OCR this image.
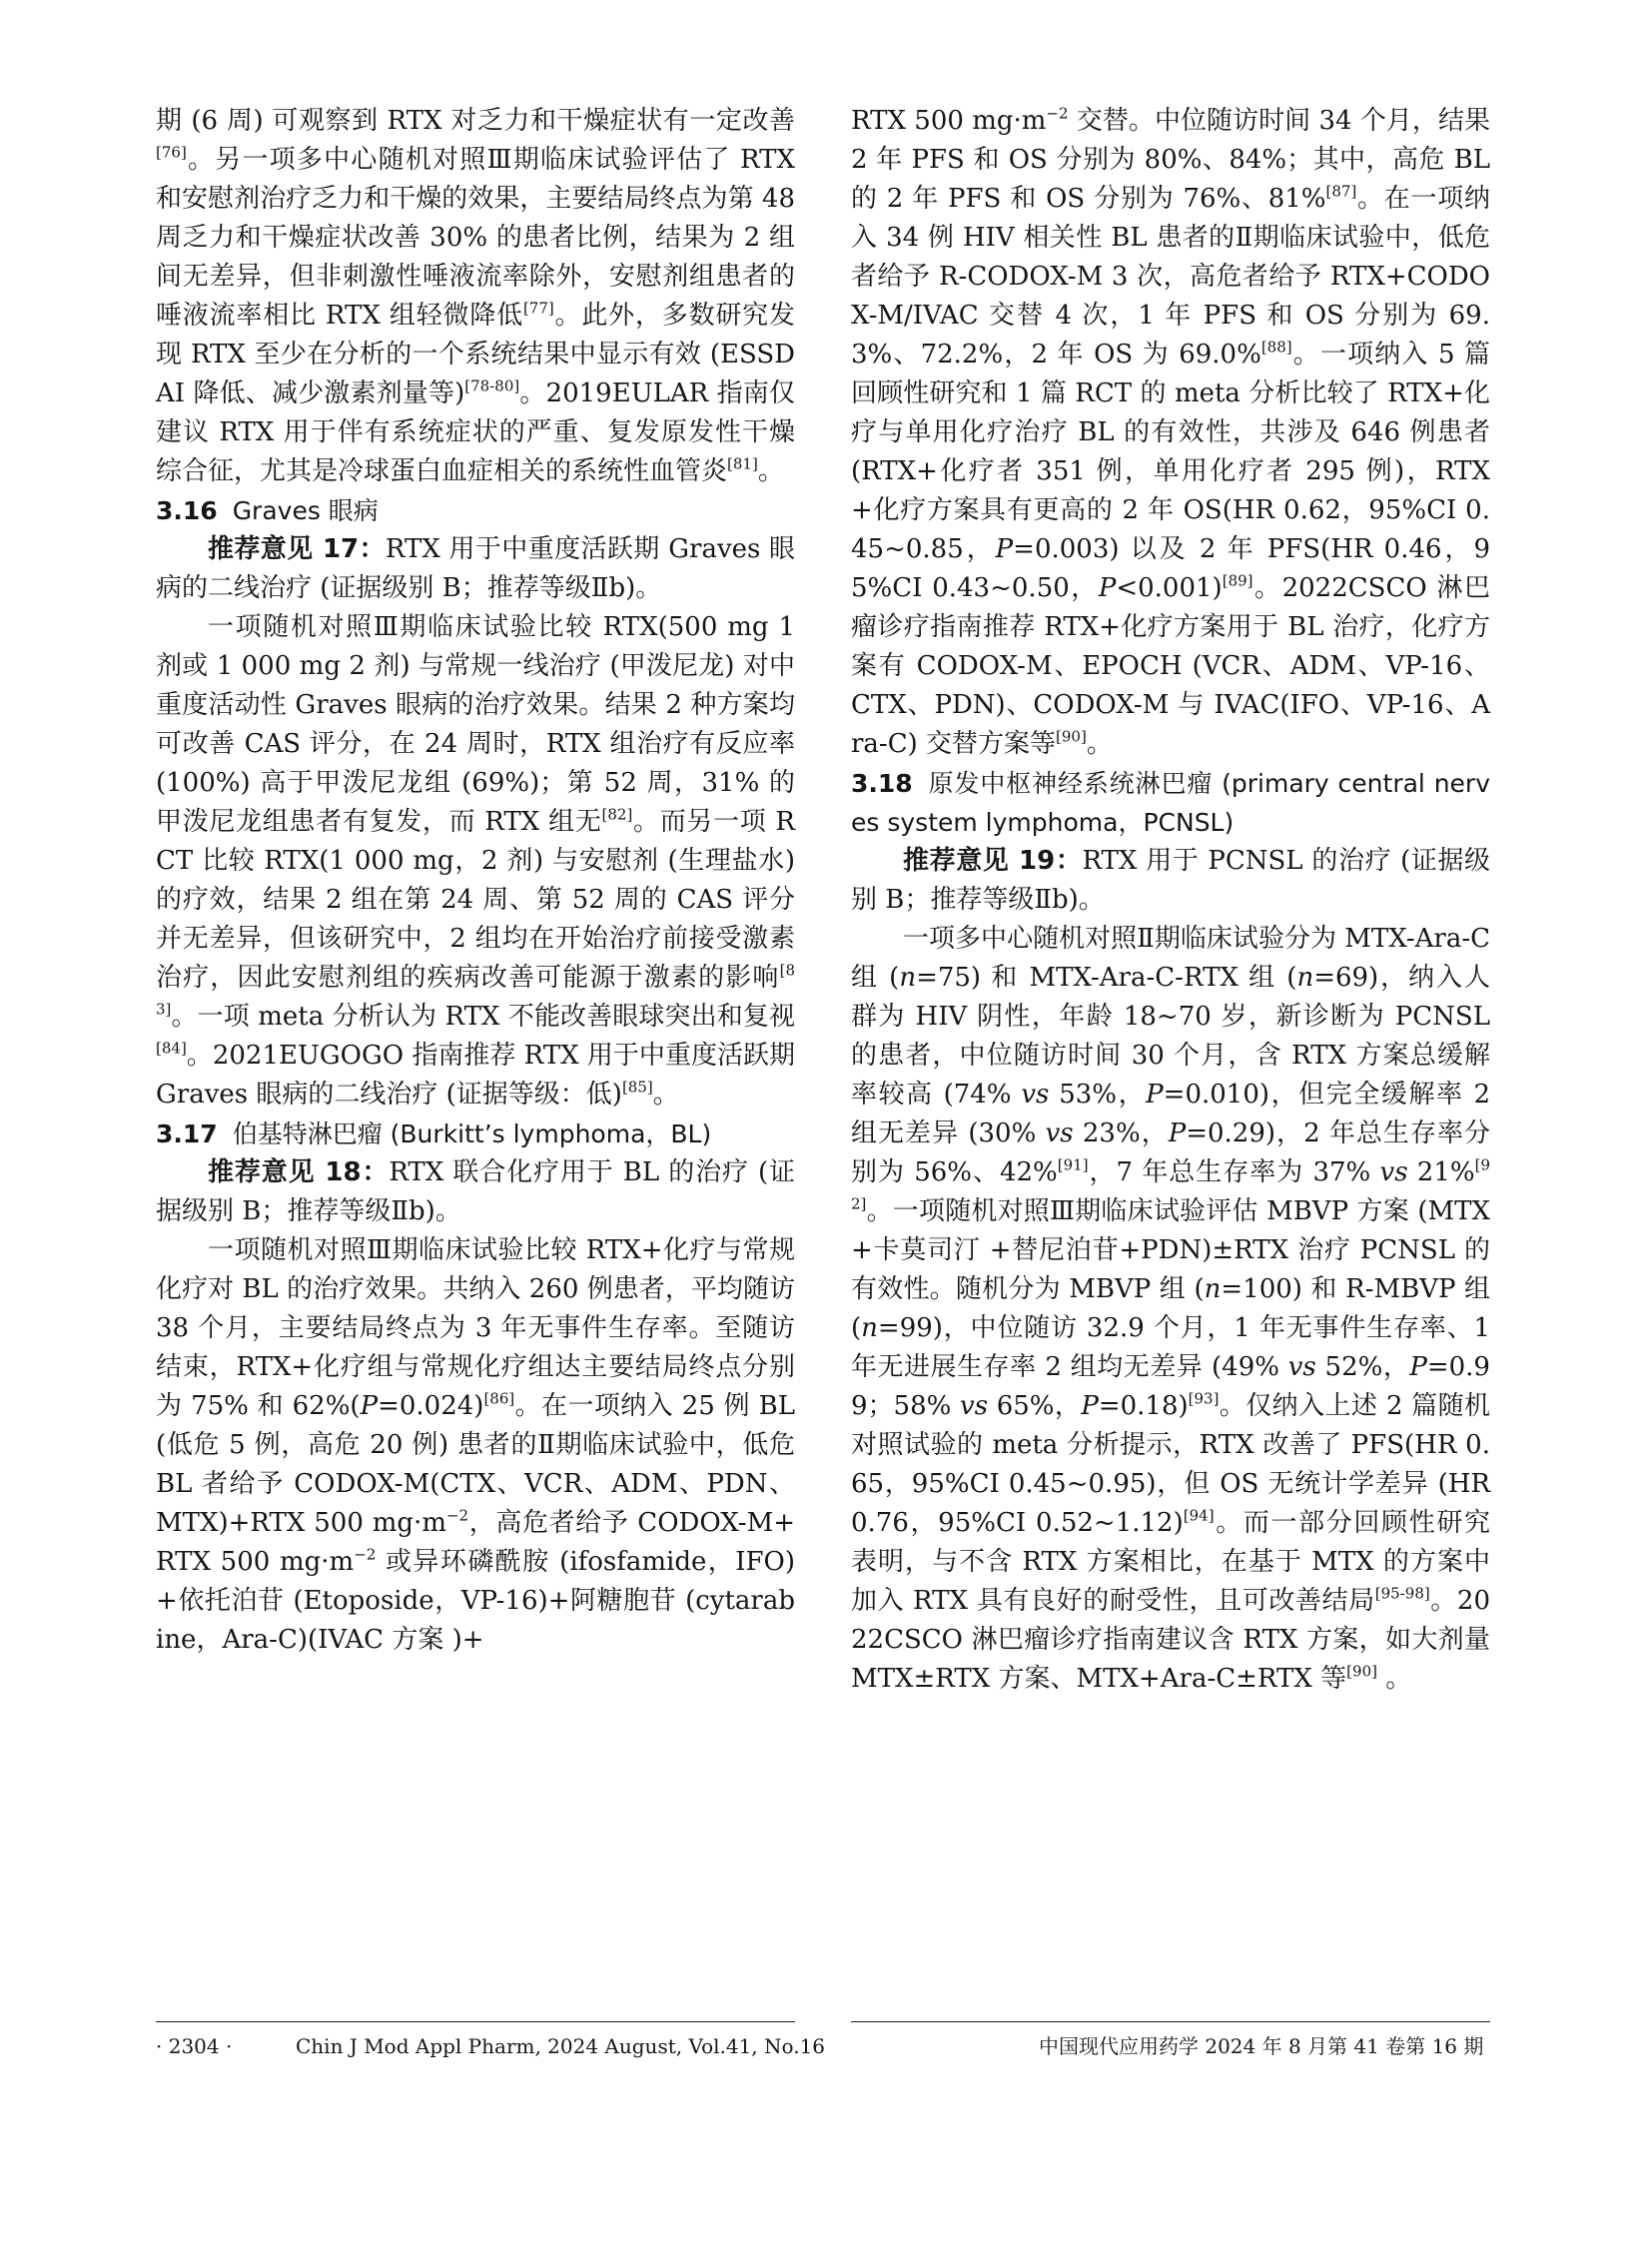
期 (6 周) 可观察到 RTX 对乏力和干燥症状有一定改善[76]。另一项多中心随机对照Ⅲ期临床试验评估了 RTX 和安慰剂治疗乏力和干燥的效果，主要结局终点为第 48 周乏力和干燥症状改善 30% 的患者比例，结果为 2 组间无差异，但非刺激性唾液流率除外，安慰剂组患者的唾液流率相比 RTX 组轻微降低[77]。此外，多数研究发现 RTX 至少在分析的一个系统结果中显示有效 (ESSDAI 降低、减少激素剂量等)[78-80]。2019EULAR 指南仅建议 RTX 用于伴有系统症状的严重、复发原发性干燥综合征，尤其是冷球蛋白血症相关的系统性血管炎[81]。

3.16 Graves 眼病

推荐意见 17：RTX 用于中重度活跃期 Graves 眼病的二线治疗 (证据级别 B；推荐等级Ⅱb)。

一项随机对照Ⅲ期临床试验比较 RTX(500 mg 1 剂或 1 000 mg 2 剂) 与常规一线治疗 (甲泼尼龙) 对中重度活动性 Graves 眼病的治疗效果。结果 2 种方案均可改善 CAS 评分，在 24 周时，RTX 组治疗有反应率 (100%) 高于甲泼尼龙组 (69%)；第 52 周，31% 的甲泼尼龙组患者有复发，而 RTX 组无[82]。而另一项 RCT 比较 RTX(1 000 mg，2 剂) 与安慰剂 (生理盐水) 的疗效，结果 2 组在第 24 周、第 52 周的 CAS 评分并无差异，但该研究中，2 组均在开始治疗前接受激素治疗，因此安慰剂组的疾病改善可能源于激素的影响[83]。一项 meta 分析认为 RTX 不能改善眼球突出和复视[84]。2021EUGOGO 指南推荐 RTX 用于中重度活跃期 Graves 眼病的二线治疗 (证据等级：低)[85]。

3.17 伯基特淋巴瘤 (Burkitt’s lymphoma，BL)

推荐意见 18：RTX 联合化疗用于 BL 的治疗 (证据级别 B；推荐等级Ⅱb)。

一项随机对照Ⅲ期临床试验比较 RTX+化疗与常规化疗对 BL 的治疗效果。共纳入 260 例患者，平均随访 38 个月，主要结局终点为 3 年无事件生存率。至随访结束，RTX+化疗组与常规化疗组达主要结局终点分别为 75% 和 62%(P=0.024)[86]。在一项纳入 25 例 BL(低危 5 例，高危 20 例) 患者的Ⅱ期临床试验中，低危 BL 者给予 CODOX-M(CTX、VCR、ADM、PDN、MTX)+RTX 500 $mg\cdot m^{-2}$，高危者给予 CODOX-M+RTX 500 $mg\cdot m^{-2}$ 或异环磷酰胺 (ifosfamide，IFO)+依托泊苷 (Etoposide，VP-16)+阿糖胞苷 (cytarabine，Ara-C)(IVAC 方案 )+

RTX 500 $mg\cdot m^{-2}$ 交替。中位随访时间 34 个月，结果 2 年 PFS 和 OS 分别为 80%、84%；其中，高危 BL 的 2 年 PFS 和 OS 分别为 76%、81%[87]。在一项纳入 34 例 HIV 相关性 BL 患者的Ⅱ期临床试验中，低危者给予 R-CODOX-M 3 次，高危者给予 RTX+CODOX-M/IVAC 交替 4 次，1 年 PFS 和 OS 分别为 69.3%、72.2%，2 年 OS 为 69.0%[88]。一项纳入 5 篇回顾性研究和 1 篇 RCT 的 meta 分析比较了 RTX+化疗与单用化疗治疗 BL 的有效性，共涉及 646 例患者 (RTX+化疗者 351 例，单用化疗者 295 例)，RTX+化疗方案具有更高的 2 年 OS(HR 0.62，95%CI 0.45~0.85，P=0.003) 以及 2 年 PFS(HR 0.46，95%CI 0.43~0.50，P<0.001)[89]。2022CSCO 淋巴瘤诊疗指南推荐 RTX+化疗方案用于 BL 治疗，化疗方案有 CODOX-M、EPOCH (VCR、ADM、VP-16、CTX、PDN)、CODOX-M 与 IVAC(IFO、VP-16、Ara-C) 交替方案等[90]。

3.18 原发中枢神经系统淋巴瘤 (primary central nerves system lymphoma，PCNSL)

推荐意见 19：RTX 用于 PCNSL 的治疗 (证据级别 B；推荐等级Ⅱb)。

一项多中心随机对照Ⅱ期临床试验分为 MTX-Ara-C 组 (n=75) 和 MTX-Ara-C-RTX 组 (n=69)，纳入人群为 HIV 阴性，年龄 18~70 岁，新诊断为 PCNSL 的患者，中位随访时间 30 个月，含 RTX 方案总缓解率较高 (74% vs 53%，P=0.010)，但完全缓解率 2 组无差异 (30% vs 23%，P=0.29)，2 年总生存率分别为 56%、42%[91]，7 年总生存率为 37% vs 21%[92]。一项随机对照Ⅲ期临床试验评估 MBVP 方案 (MTX+卡莫司汀 +替尼泊苷+PDN)±RTX 治疗 PCNSL 的有效性。随机分为 MBVP 组 (n=100) 和 R-MBVP 组 (n=99)，中位随访 32.9 个月，1 年无事件生存率、1 年无进展生存率 2 组均无差异 (49% vs 52%，P=0.99；58% vs 65%，P=0.18)[93]。仅纳入上述 2 篇随机对照试验的 meta 分析提示，RTX 改善了 PFS(HR 0.65，95%CI 0.45~0.95)，但 OS 无统计学差异 (HR 0.76，95%CI 0.52~1.12)[94]。而一部分回顾性研究表明，与不含 RTX 方案相比，在基于 MTX 的方案中加入 RTX 具有良好的耐受性，且可改善结局[95-98]。2022CSCO 淋巴瘤诊疗指南建议含 RTX 方案，如大剂量 MTX±RTX 方案、MTX+Ara-C±RTX 等[90] 。

· 2304 ·	Chin J Mod Appl Pharm, 2024 August, Vol.41, No.16	中国现代应用药学 2024 年 8 月第 41 卷第 16 期
